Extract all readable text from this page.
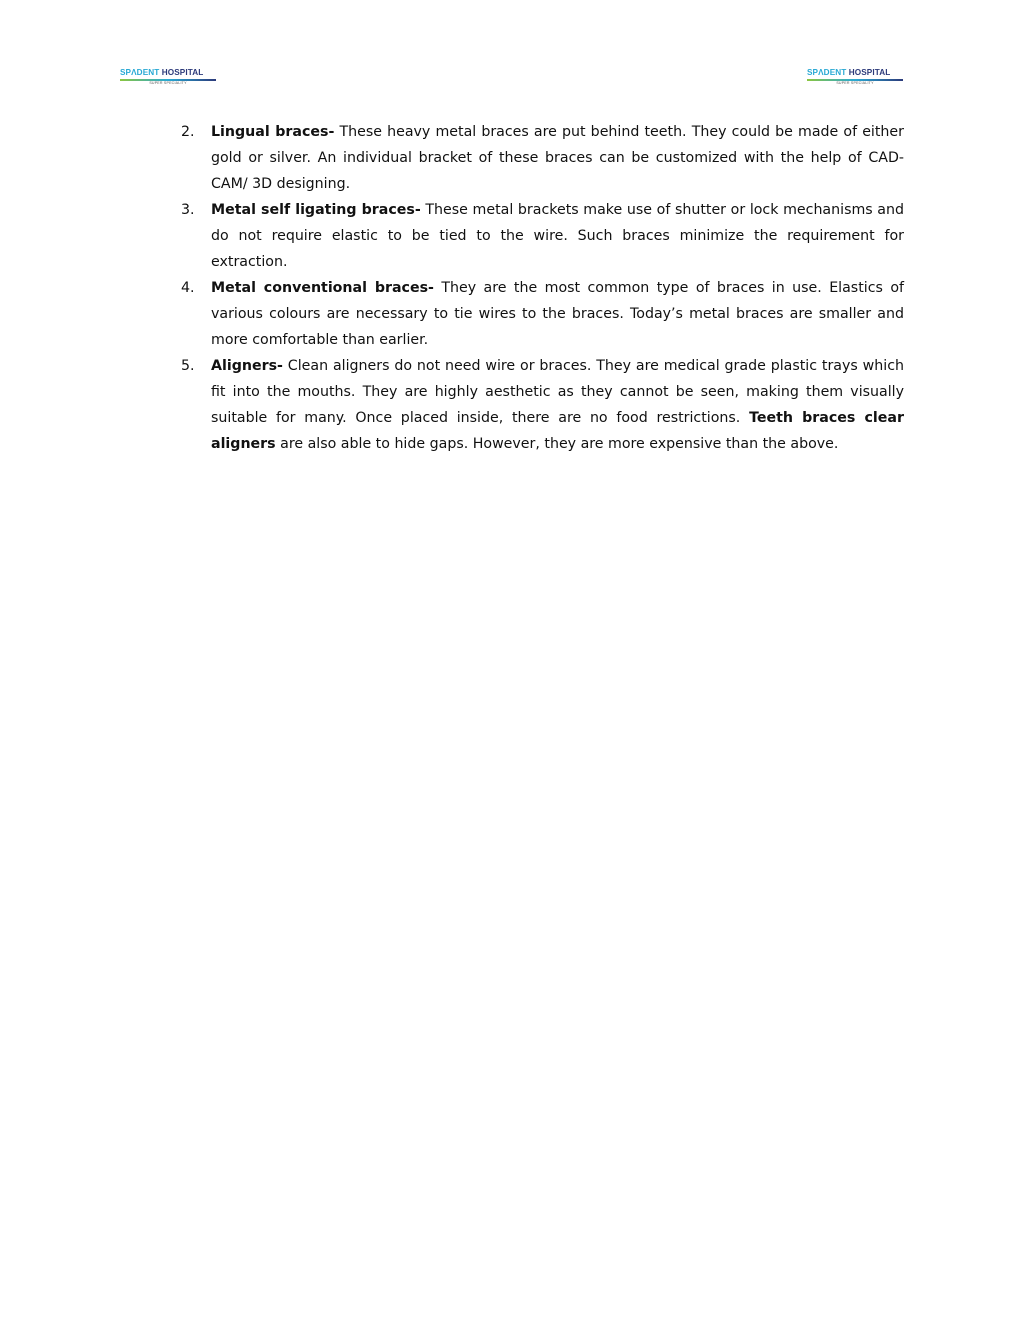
SPΛDENT HOSPITAL
SUPER SPECIALITY
SPΛDENT HOSPITAL
SUPER SPECIALITY
2.	Lingual braces- These heavy metal braces are put behind teeth. They could be made of either gold or silver. An individual bracket of these braces can be customized with the help of CAD-CAM/ 3D designing.
3.	Metal self ligating braces- These metal brackets make use of shutter or lock mechanisms and do not require elastic to be tied to the wire. Such braces minimize the requirement for extraction.
4.	Metal conventional braces- They are the most common type of braces in use. Elastics of various colours are necessary to tie wires to the braces. Today’s metal braces are smaller and more comfortable than earlier.
5.	Aligners- Clean aligners do not need wire or braces. They are medical grade plastic trays which fit into the mouths. They are highly aesthetic as they cannot be seen, making them visually suitable for many. Once placed inside, there are no food restrictions. Teeth braces clear aligners are also able to hide gaps. However, they are more expensive than the above.
